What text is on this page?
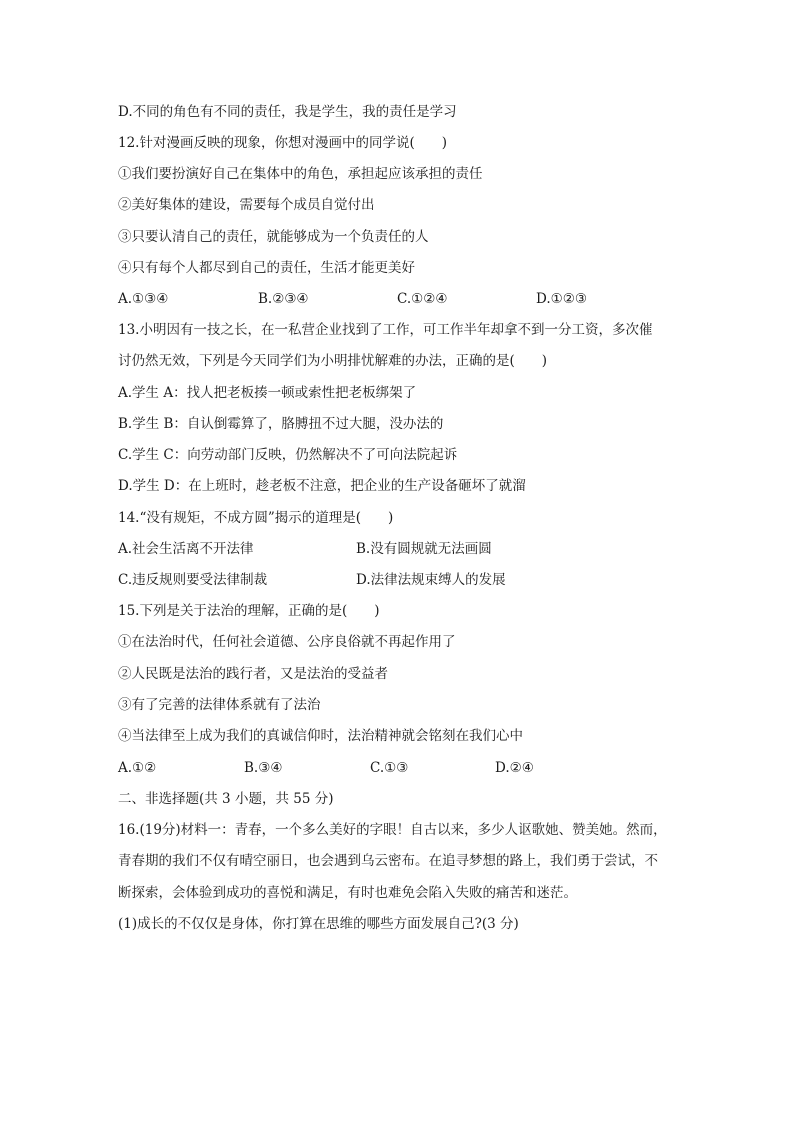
D.不同的角色有不同的责任，我是学生，我的责任是学习
12.针对漫画反映的现象，你想对漫画中的同学说(　　)
①我们要扮演好自己在集体中的角色，承担起应该承担的责任
②美好集体的建设，需要每个成员自觉付出
③只要认清自己的责任，就能够成为一个负责任的人
④只有每个人都尽到自己的责任，生活才能更美好
A.①③④	B.②③④	C.①②④	D.①②③
13.小明因有一技之长，在一私营企业找到了工作，可工作半年却拿不到一分工资，多次催
讨仍然无效，下列是今天同学们为小明排忧解难的办法，正确的是(　　)
A.学生 A：找人把老板揍一顿或索性把老板绑架了
B.学生 B：自认倒霉算了，胳膊扭不过大腿，没办法的
C.学生 C：向劳动部门反映，仍然解决不了可向法院起诉
D.学生 D：在上班时，趁老板不注意，把企业的生产设备砸坏了就溜
14.“没有规矩，不成方圆”揭示的道理是(　　)
A.社会生活离不开法律	B.没有圆规就无法画圆
C.违反规则要受法律制裁	D.法律法规束缚人的发展
15.下列是关于法治的理解，正确的是(　　)
①在法治时代，任何社会道德、公序良俗就不再起作用了
②人民既是法治的践行者，又是法治的受益者
③有了完善的法律体系就有了法治
④当法律至上成为我们的真诚信仰时，法治精神就会铭刻在我们心中
A.①②	B.③④	C.①③	D.②④
二、非选择题(共 3 小题，共 55 分)
16.(19分)材料一：青春，一个多么美好的字眼！自古以来，多少人讴歌她、赞美她。然而，
青春期的我们不仅有晴空丽日，也会遇到乌云密布。在追寻梦想的路上，我们勇于尝试，不
断探索，会体验到成功的喜悦和满足，有时也难免会陷入失败的痛苦和迷茫。
(1)成长的不仅仅是身体，你打算在思维的哪些方面发展自己?(3 分)
